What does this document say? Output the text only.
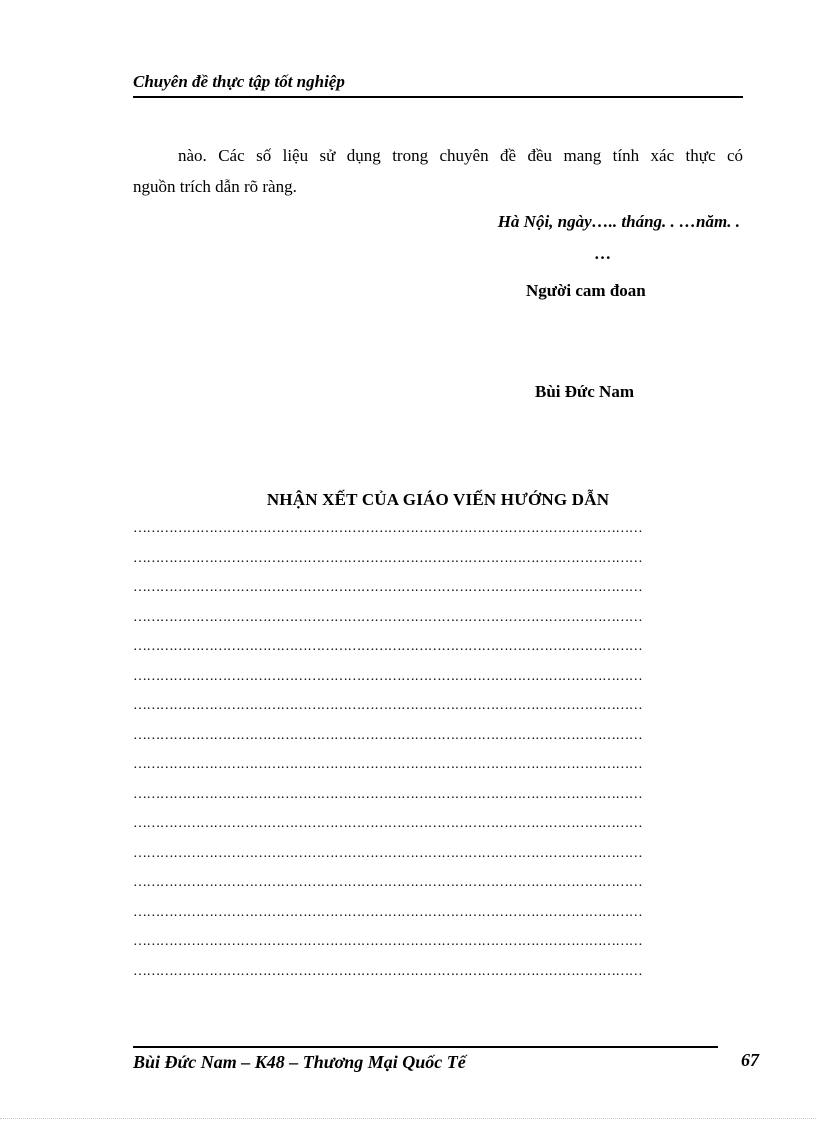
Chuyên đề thực tập tốt nghiệp
nào. Các số liệu sử dụng trong chuyên đề đều mang tính xác thực có
nguồn trích dẫn rõ ràng.
Hà Nội, ngày….. tháng. . …năm. .
…
Người cam đoan
Bùi Đức Nam
NHẬN XẾT CỦA GIÁO VIẾN HƯỚNG DẪN
……………………………………………………………………………………………………
……………………………………………………………………………………………………
……………………………………………………………………………………………………
……………………………………………………………………………………………………
……………………………………………………………………………………………………
……………………………………………………………………………………………………
……………………………………………………………………………………………………
……………………………………………………………………………………………………
……………………………………………………………………………………………………
……………………………………………………………………………………………………
……………………………………………………………………………………………………
……………………………………………………………………………………………………
……………………………………………………………………………………………………
……………………………………………………………………………………………………
……………………………………………………………………………………………………
……………………………………………………………………………………………………
Bùi Đức Nam – K48 – Thương Mại Quốc Tế	67
